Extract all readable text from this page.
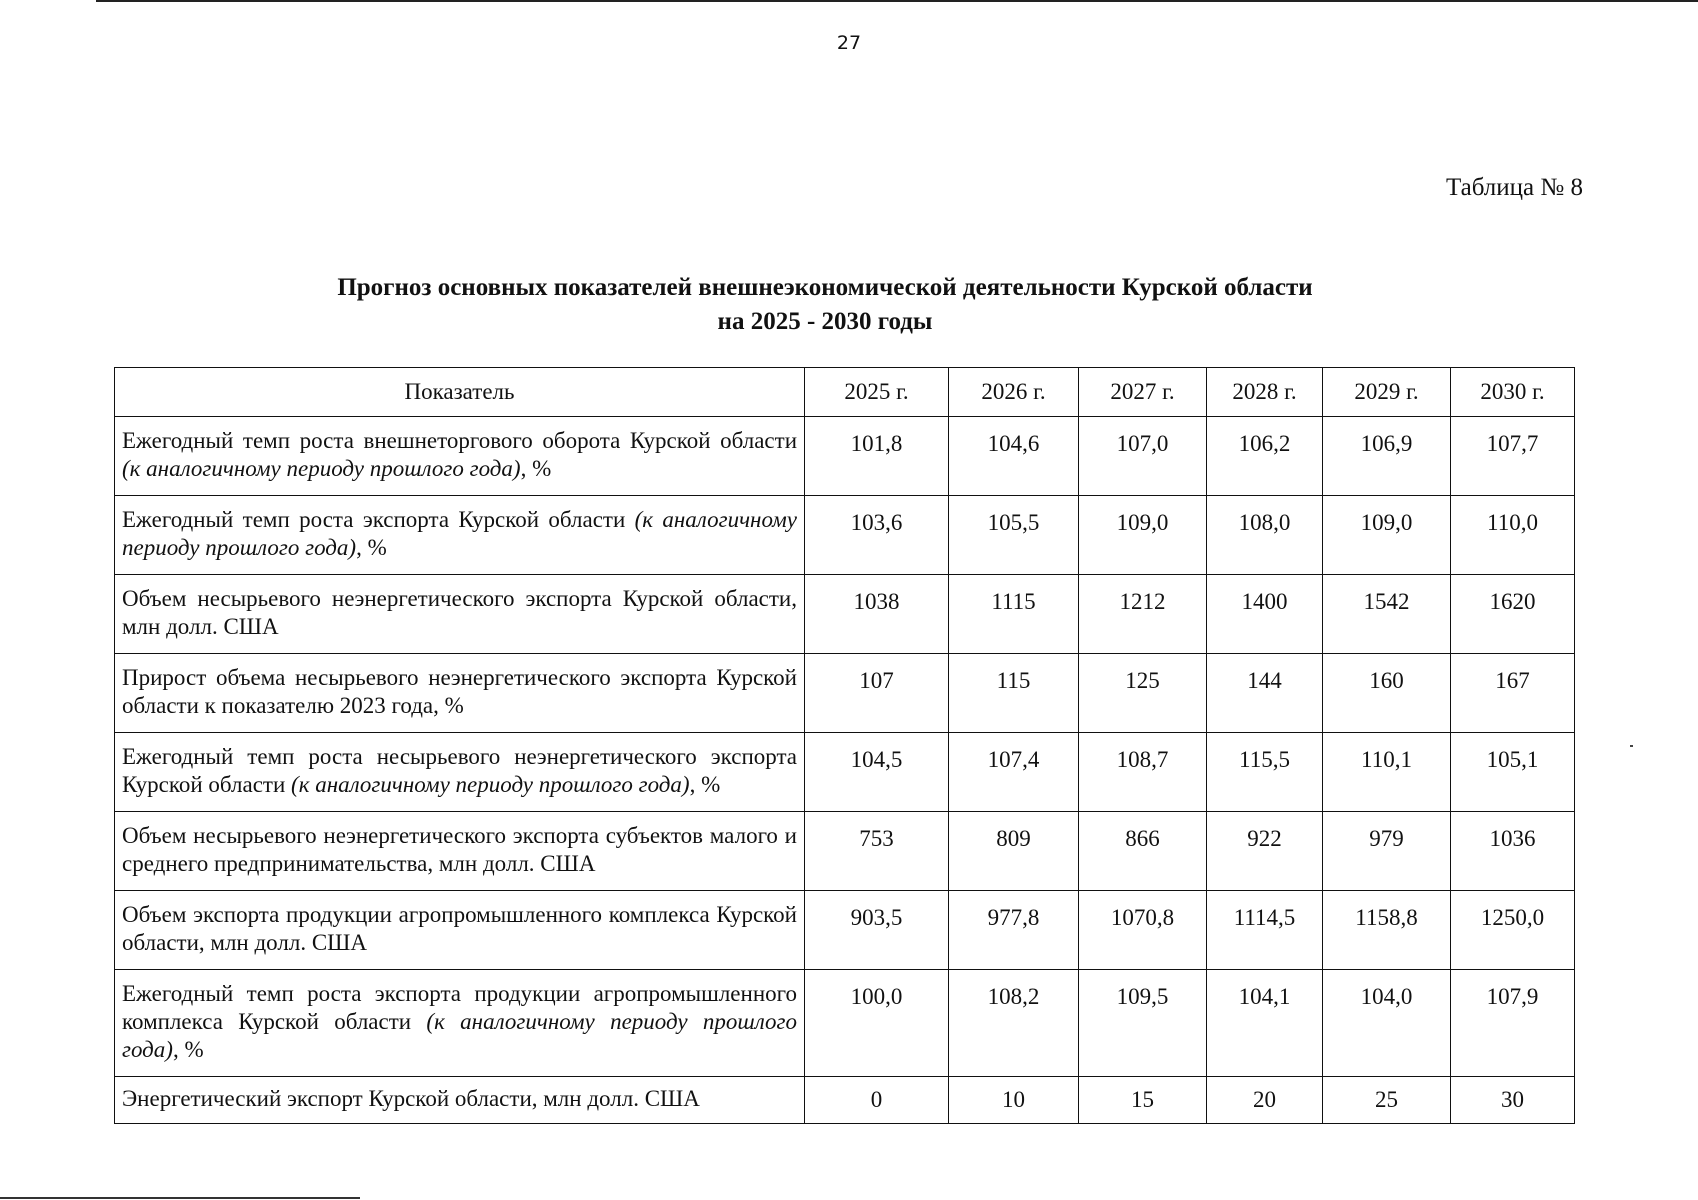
27
Таблица № 8
Прогноз основных показателей внешнеэкономической деятельности Курской области
на 2025 - 2030 годы
Показатель	2025 г.	2026 г.	2027 г.	2028 г.	2029 г.	2030 г.
Ежегодный темп роста внешнеторгового оборота Курской области (к аналогичному периоду прошлого года), %	101,8	104,6	107,0	106,2	106,9	107,7
Ежегодный темп роста экспорта Курской области (к аналогичному периоду прошлого года), %	103,6	105,5	109,0	108,0	109,0	110,0
Объем несырьевого неэнергетического экспорта Курской области, млн долл. США	1038	1115	1212	1400	1542	1620
Прирост объема несырьевого неэнергетического экспорта Курской области к показателю 2023 года, %	107	115	125	144	160	167
Ежегодный темп роста несырьевого неэнергетического экспорта Курской области (к аналогичному периоду прошлого года), %	104,5	107,4	108,7	115,5	110,1	105,1
Объем несырьевого неэнергетического экспорта субъектов малого и среднего предпринимательства, млн долл. США	753	809	866	922	979	1036
Объем экспорта продукции агропромышленного комплекса Курской области, млн долл. США	903,5	977,8	1070,8	1114,5	1158,8	1250,0
Ежегодный темп роста экспорта продукции агропромышленного комплекса Курской области (к аналогичному периоду прошлого года), %	100,0	108,2	109,5	104,1	104,0	107,9
Энергетический экспорт Курской области, млн долл. США	0	10	15	20	25	30
